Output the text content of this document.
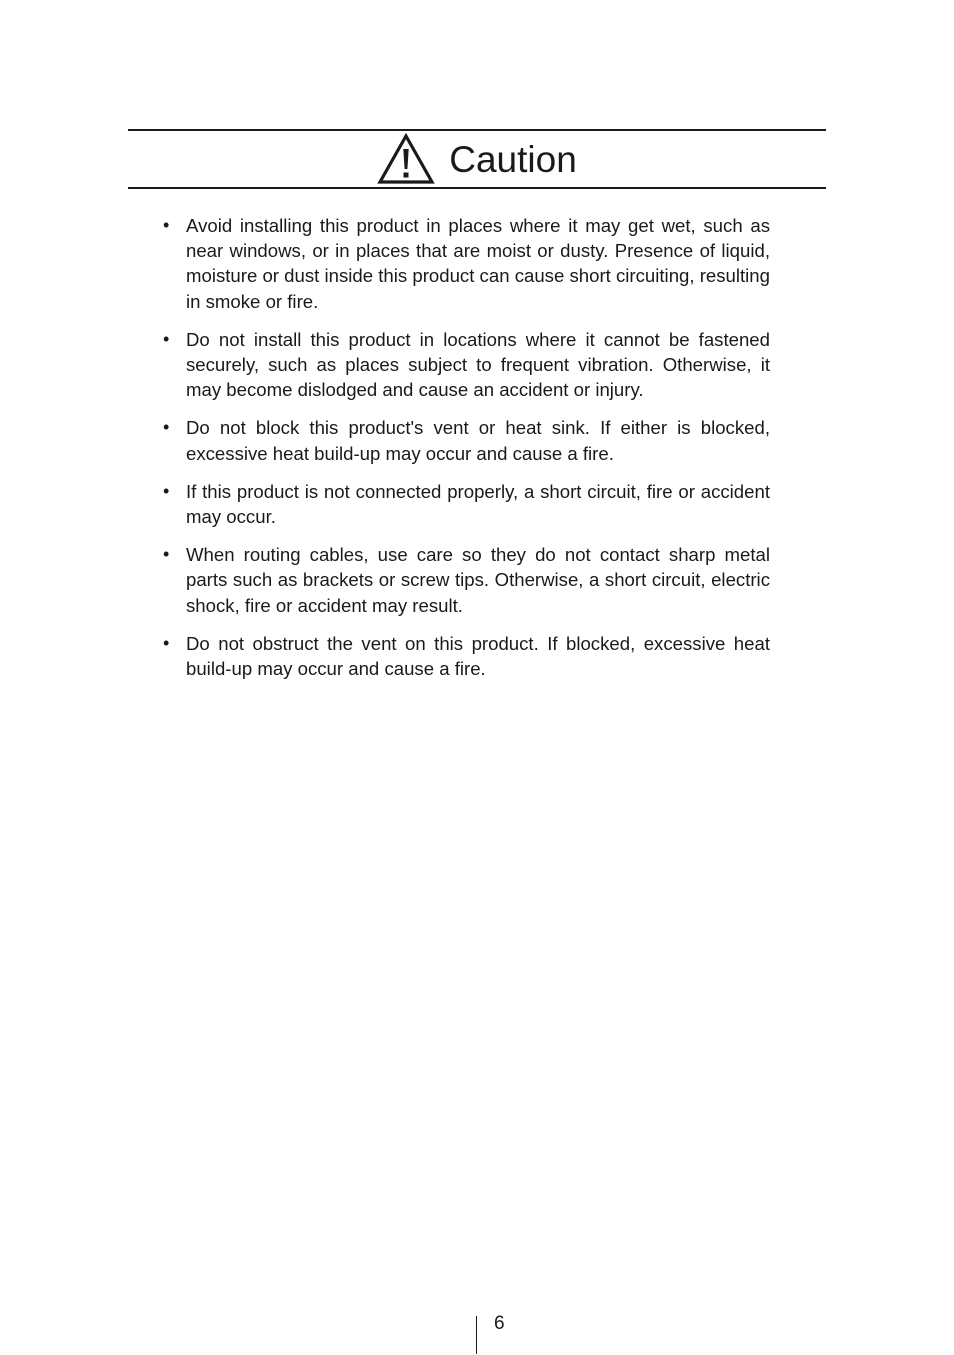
Caution
• Avoid installing this product in places where it may get wet, such as near windows, or in places that are moist or dusty. Presence of liquid, moisture or dust inside this product can cause short circuiting, resulting in smoke or fire.
• Do not install this product in locations where it cannot be fastened securely, such as places subject to frequent vibration. Otherwise, it may become dislodged and cause an accident or injury.
• Do not block this product's vent or heat sink. If either is blocked, excessive heat build-up may occur and cause a fire.
• If this product is not connected properly, a short circuit, fire or accident may occur.
• When routing cables, use care so they do not contact sharp metal parts such as brackets or screw tips. Otherwise, a short circuit, electric shock, fire or accident may result.
• Do not obstruct the vent on this product. If blocked, excessive heat build-up may occur and cause a fire.
6
